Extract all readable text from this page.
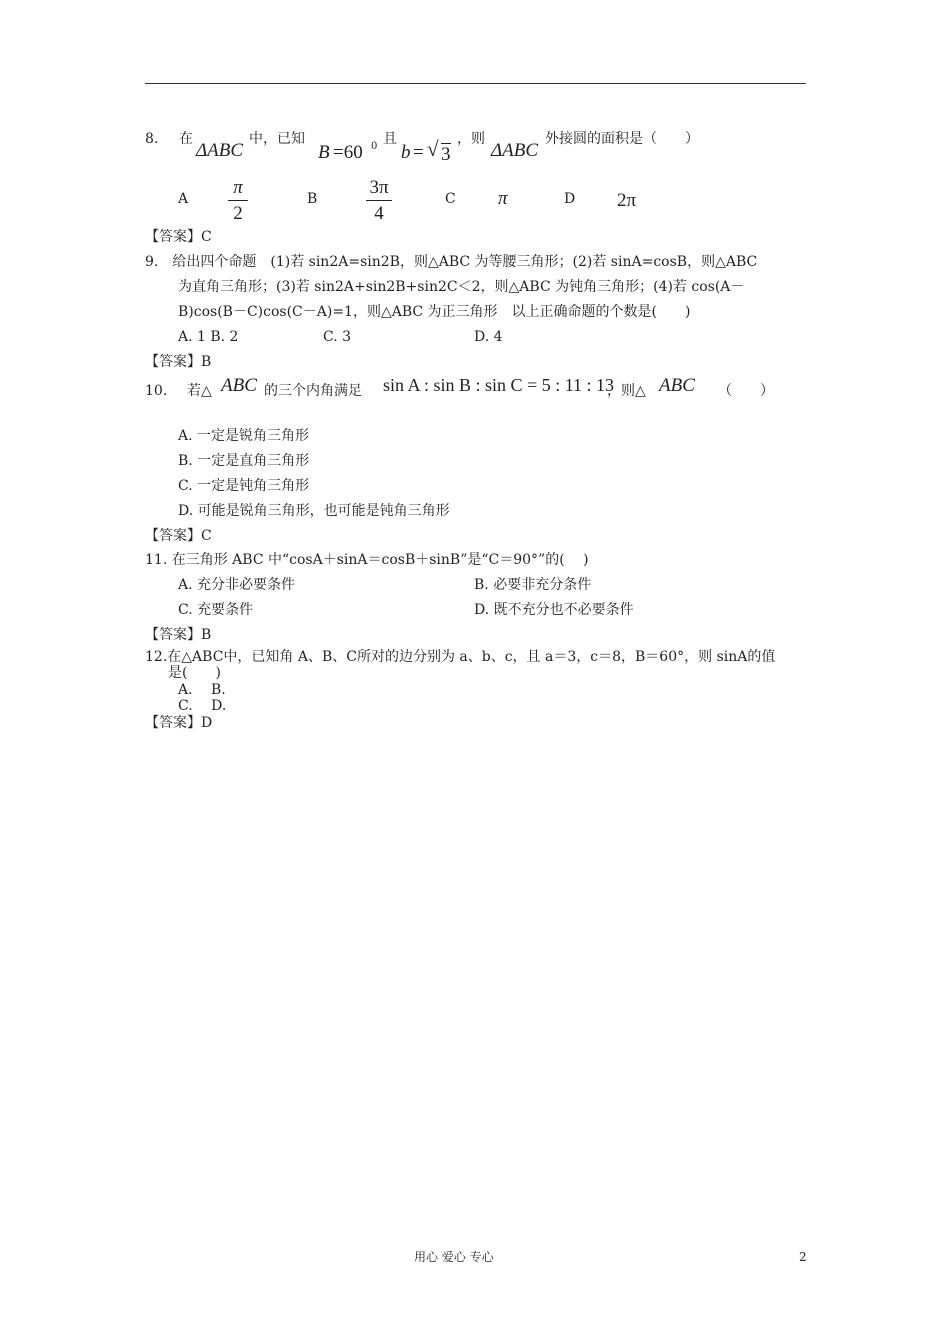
8. 在
ΔABC
中，已知
B =60 0 且
b = √ 3
，则
ΔABC
外接圆的面积是（　　）
A
π
2
B
3π
4
C π	D 2π
【答案】C
9.　给出四个命题　(1)若 sin2A=sin2B，则△ABC 为等腰三角形；(2)若 sinA=cosB，则△ABC
为直角三角形；(3)若 sin2A+sin2B+sin2C＜2，则△ABC 为钝角三角形；(4)若 cos(A－
B)cos(B－C)cos(C－A)=1，则△ABC 为正三角形　以上正确命题的个数是(　　)
A. 1 B. 2	C. 3	D. 4
【答案】B
10. 若△ ABC 的三个内角满足 sin A : sin B : sin C = 5 : 11 : 13
，则△ ABC （　　）
A. 一定是锐角三角形
B. 一定是直角三角形
C. 一定是钝角三角形
D. 可能是锐角三角形，也可能是钝角三角形
【答案】C
11. 在三角形 ABC 中“cosA＋sinA＝cosB＋sinB”是“C＝90°”的(　 )
A. 充分非必要条件	B. 必要非充分条件
C. 充要条件	D. 既不充分也不必要条件
【答案】B
12.在△ABC中，已知角 A、B、C所对的边分别为 a、b、c，且 a＝3，c＝8，B＝60°，则 sinA的值
是(　　)
A.　 B.
C.　 D.
【答案】D
用心 爱心 专心	2
